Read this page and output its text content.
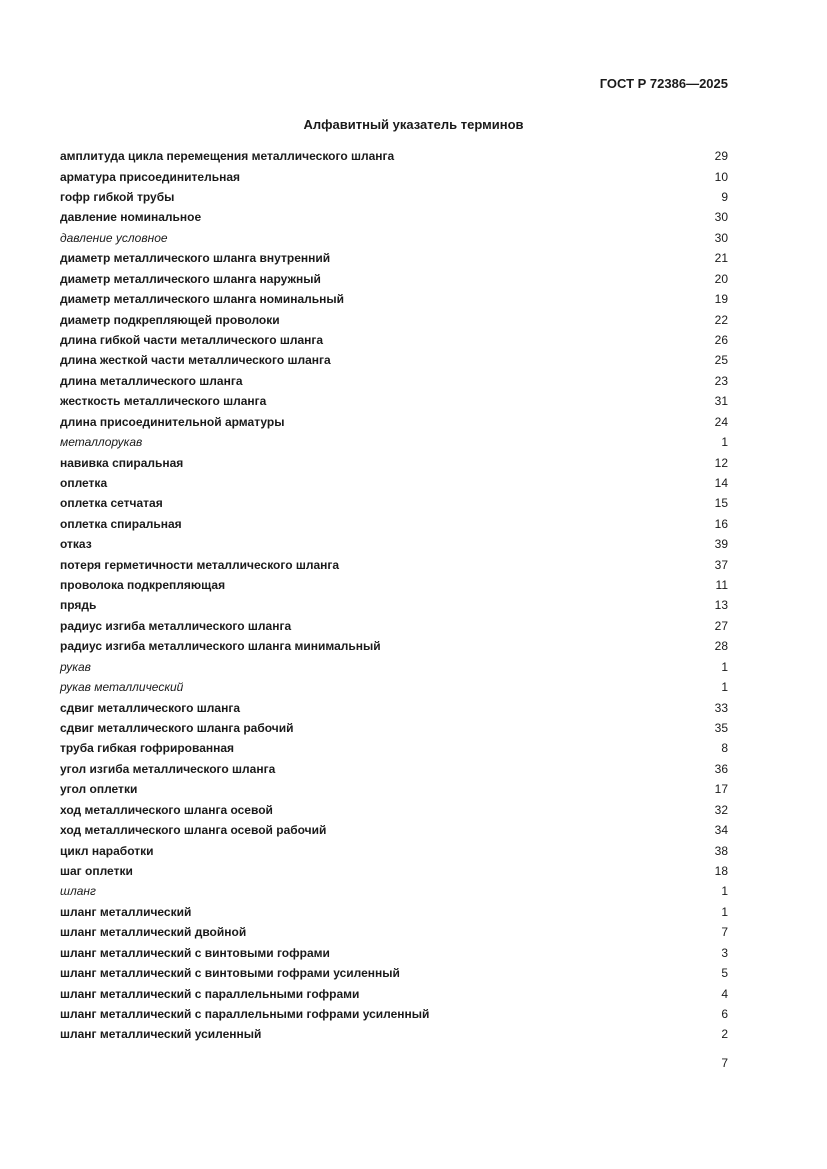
ГОСТ Р 72386—2025
Алфавитный указатель терминов
амплитуда цикла перемещения металлического шланга	29
арматура присоединительная	10
гофр гибкой трубы	9
давление номинальное	30
давление условное	30
диаметр металлического шланга внутренний	21
диаметр металлического шланга наружный	20
диаметр металлического шланга номинальный	19
диаметр подкрепляющей проволоки	22
длина гибкой части металлического шланга	26
длина жесткой части металлического шланга	25
длина металлического шланга	23
жесткость металлического шланга	31
длина присоединительной арматуры	24
металлорукав	1
навивка спиральная	12
оплетка	14
оплетка сетчатая	15
оплетка спиральная	16
отказ	39
потеря герметичности металлического шланга	37
проволока подкрепляющая	11
прядь	13
радиус изгиба металлического шланга	27
радиус изгиба металлического шланга минимальный	28
рукав	1
рукав металлический	1
сдвиг металлического шланга	33
сдвиг металлического шланга рабочий	35
труба гибкая гофрированная	8
угол изгиба металлического шланга	36
угол оплетки	17
ход металлического шланга осевой	32
ход металлического шланга осевой рабочий	34
цикл наработки	38
шаг оплетки	18
шланг	1
шланг металлический	1
шланг металлический двойной	7
шланг металлический с винтовыми гофрами	3
шланг металлический с винтовыми гофрами усиленный	5
шланг металлический с параллельными гофрами	4
шланг металлический с параллельными гофрами усиленный	6
шланг металлический усиленный	2
7
